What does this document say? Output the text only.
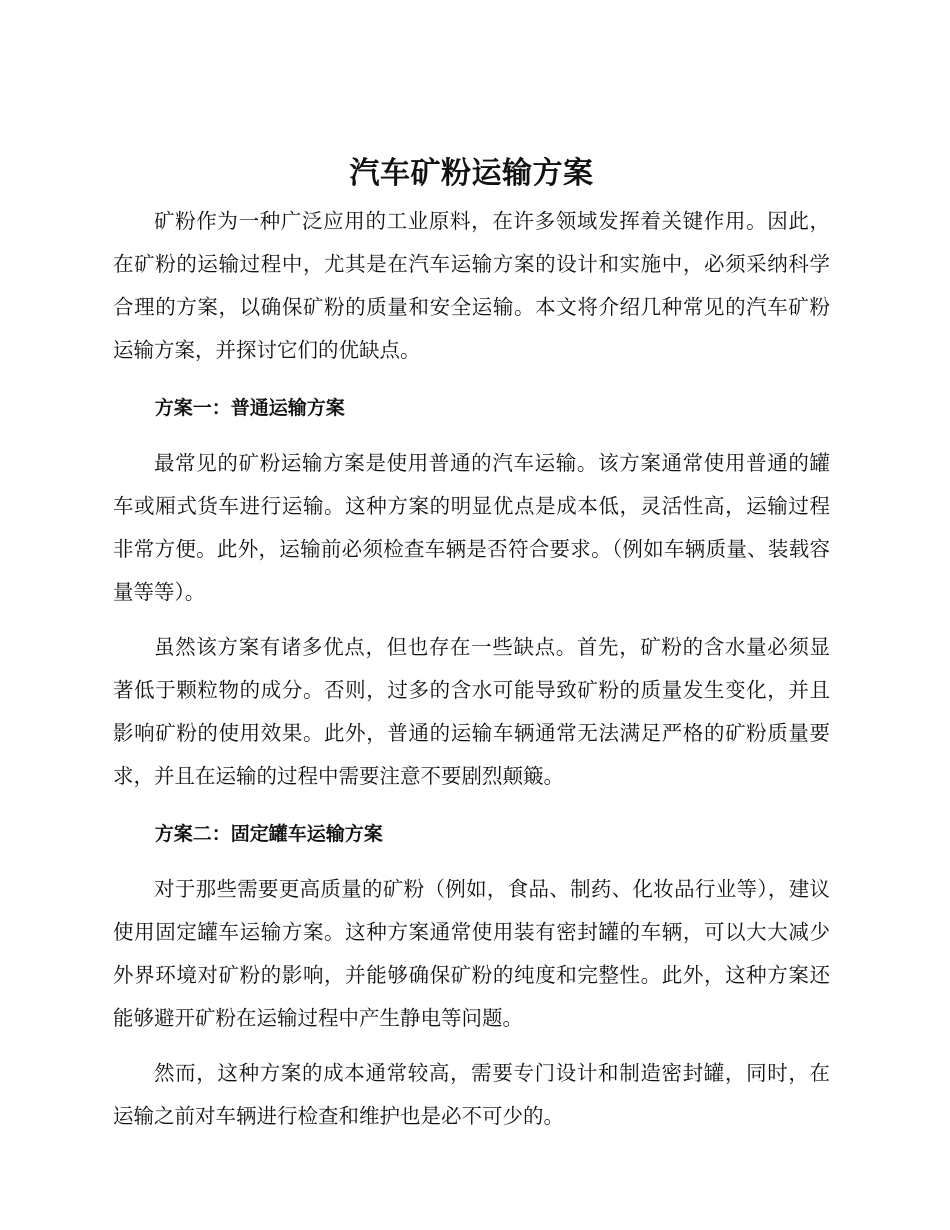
汽车矿粉运输方案

矿粉作为一种广泛应用的工业原料，在许多领域发挥着关键作用。因此，在矿粉的运输过程中，尤其是在汽车运输方案的设计和实施中，必须采纳科学合理的方案，以确保矿粉的质量和安全运输。本文将介绍几种常见的汽车矿粉运输方案，并探讨它们的优缺点。

方案一：普通运输方案

最常见的矿粉运输方案是使用普通的汽车运输。该方案通常使用普通的罐车或厢式货车进行运输。这种方案的明显优点是成本低，灵活性高，运输过程非常方便。此外，运输前必须检查车辆是否符合要求。（例如车辆质量、装载容量等等）。

虽然该方案有诸多优点，但也存在一些缺点。首先，矿粉的含水量必须显著低于颗粒物的成分。否则，过多的含水可能导致矿粉的质量发生变化，并且影响矿粉的使用效果。此外，普通的运输车辆通常无法满足严格的矿粉质量要求，并且在运输的过程中需要注意不要剧烈颠簸。

方案二：固定罐车运输方案

对于那些需要更高质量的矿粉（例如，食品、制药、化妆品行业等），建议使用固定罐车运输方案。这种方案通常使用装有密封罐的车辆，可以大大减少外界环境对矿粉的影响，并能够确保矿粉的纯度和完整性。此外，这种方案还能够避开矿粉在运输过程中产生静电等问题。

然而，这种方案的成本通常较高，需要专门设计和制造密封罐，同时，在运输之前对车辆进行检查和维护也是必不可少的。
